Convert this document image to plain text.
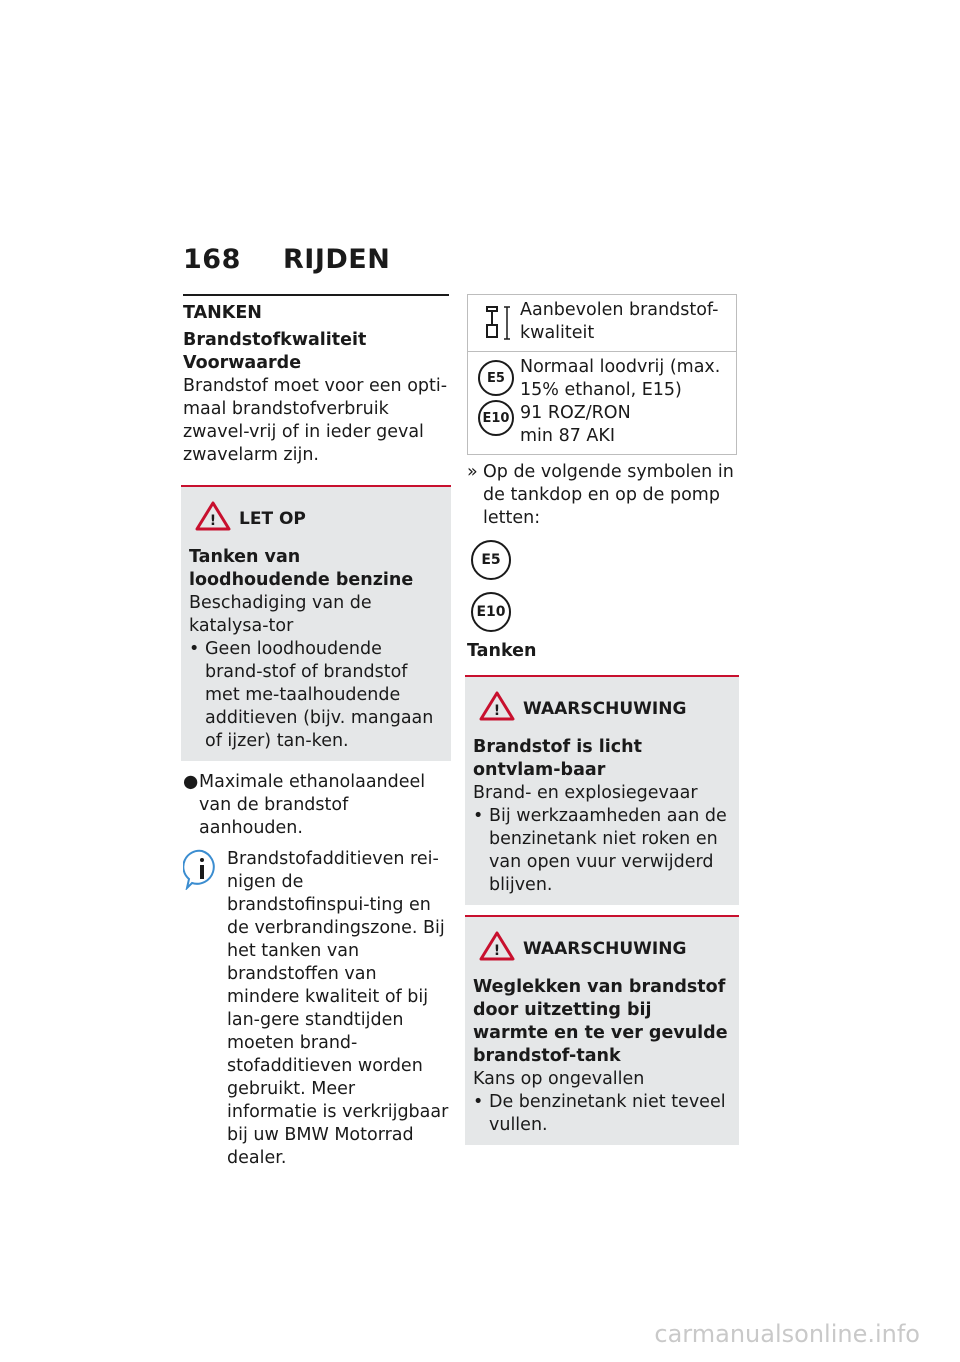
168 RIJDEN
TANKEN

Brandstofkwaliteit

Voorwaarde

Brandstof moet voor een opti-maal brandstofverbruik zwavel-vrij of in ieder geval zwavelarm zijn.

! LET OP

Tanken van loodhoudende benzine

Beschadiging van de katalysa-tor

• Geen loodhoudende brand-stof of brandstof met me-taalhoudende additieven (bijv. mangaan of ijzer) tan-ken.
● Maximale ethanolaandeel van de brandstof aanhouden.
Brandstofadditieven rei-nigen de brandstofinspui-ting en de verbrandingszone. Bij het tanken van brandstoffen van mindere kwaliteit of bij lan-gere standtijden moeten brand-stofadditieven worden gebruikt. Meer informatie is verkrijgbaar bij uw BMW Motorrad dealer.
Aanbevolen brandstof-kwaliteit
E5
E10

Normaal loodvrij (max. 15% ethanol, E15)

91 ROZ/RON

min 87 AKI

» Op de volgende symbolen in de tankdop en op de pomp letten:
E5
E10

Tanken

! WAARSCHUWING

Brandstof is licht ontvlam-baar

Brand- en explosiegevaar

• Bij werkzaamheden aan de benzinetank niet roken en van open vuur verwijderd blijven.
! WAARSCHUWING

Weglekken van brandstof door uitzetting bij warmte en te ver gevulde brandstof-tank

Kans op ongevallen

• De benzinetank niet teveel vullen.
carmanualsonline.info
